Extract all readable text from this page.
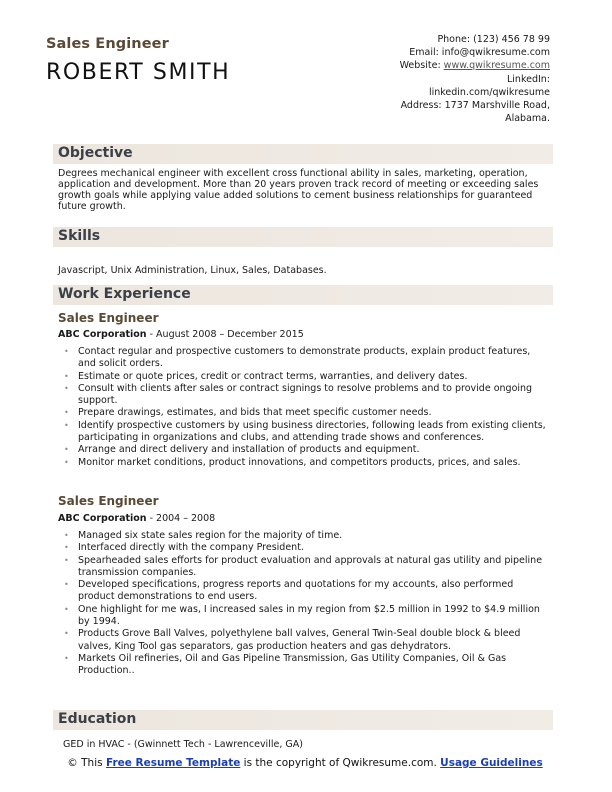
Sales Engineer
ROBERT SMITH
Phone: (123) 456 78 99
Email: info@qwikresume.com
Website: www.qwikresume.com
LinkedIn:
linkedin.com/qwikresume
Address: 1737 Marshville Road,
Alabama.
Objective
Degrees mechanical engineer with excellent cross functional ability in sales, marketing, operation, application and development. More than 20 years proven track record of meeting or exceeding sales growth goals while applying value added solutions to cement business relationships for guaranteed future growth.
Skills
Javascript, Unix Administration, Linux, Sales, Databases.
Work Experience
Sales Engineer
ABC Corporation - August 2008 – December 2015
• Contact regular and prospective customers to demonstrate products, explain product features, and solicit orders.
• Estimate or quote prices, credit or contract terms, warranties, and delivery dates.
• Consult with clients after sales or contract signings to resolve problems and to provide ongoing support.
• Prepare drawings, estimates, and bids that meet specific customer needs.
• Identify prospective customers by using business directories, following leads from existing clients, participating in organizations and clubs, and attending trade shows and conferences.
• Arrange and direct delivery and installation of products and equipment.
• Monitor market conditions, product innovations, and competitors products, prices, and sales.
Sales Engineer
ABC Corporation - 2004 – 2008
• Managed six state sales region for the majority of time.
• Interfaced directly with the company President.
• Spearheaded sales efforts for product evaluation and approvals at natural gas utility and pipeline transmission companies.
• Developed specifications, progress reports and quotations for my accounts, also performed product demonstrations to end users.
• One highlight for me was, I increased sales in my region from $2.5 million in 1992 to $4.9 million by 1994.
• Products Grove Ball Valves, polyethylene ball valves, General Twin-Seal double block & bleed valves, King Tool gas separators, gas production heaters and gas dehydrators.
• Markets Oil refineries, Oil and Gas Pipeline Transmission, Gas Utility Companies, Oil & Gas Production..
Education
GED in HVAC - (Gwinnett Tech - Lawrenceville, GA)
© This Free Resume Template is the copyright of Qwikresume.com. Usage Guidelines
